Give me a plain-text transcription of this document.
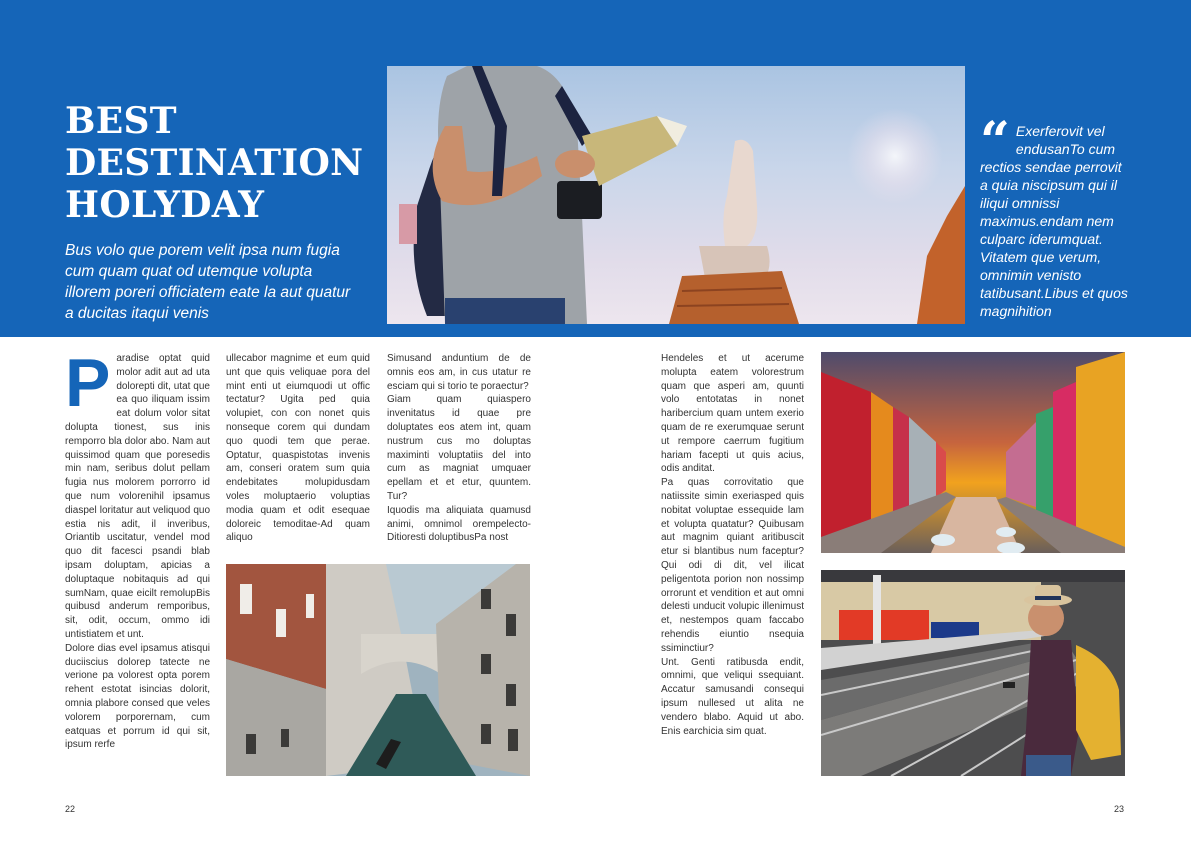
BEST
DESTINATION
HOLYDAY

Bus volo que porem velit ipsa num fugia cum quam quat od utemque volupta illorem poreri officiatem eate la aut quatur a ducitas itaqui venis

“ Exerferovit vel endusanTo cum rectios sendae perrovit a quia niscipsum qui il iliqui omnissi maximus.endam nem culparc iderumquat. Vitatem que verum, omnimin venisto tatibusant.Libus et quos magnihition
P aradise optat quid molor adit aut ad uta dolorepti dit, utat que ea quo iliquam issim eat dolum volor sitat dolupta tionest, sus inis remporro bla dolor abo. Nam aut quissimod quam que poresedis min nam, seribus dolut pellam fugia nus molorem porrorro id que num volorenihil ipsamus diaspel loritatur aut veliquod quo estia nis adit, il inveribus, Oriantib uscitatur, vendel mod quo dit facesci psandi blab ipsam doluptam, apicias a doluptaque nobitaquis ad qui sumNam, quae eicilt remolupBis quibusd anderum remporibus, sit, odit, occum, ommo idi untistiatem et unt.

Dolore dias evel ipsamus atisqui duciiscius dolorep tatecte ne verione pa volorest opta porem rehent estotat isincias dolorit, omnia plabore consed que veles volorem porporernam, cum eatquas et porrum id qui sit, ipsum rerfe

ullecabor magnime et eum quid unt que quis veliquae pora del mint enti ut eiumquodi ut offic tectatur? Ugita ped quia volupiet, con con nonet quis nonseque corem qui dundam quo quodi tem que perae. Optatur, quaspistotas invenis am, conseri oratem sum quia endebitates molupidusdam voles moluptaerio voluptias modia quam et odit esequae doloreic temoditae-Ad quam aliquo

Simusand anduntium de de omnis eos am, in cus utatur re esciam qui si torio te poraectur?

Giam quam quiaspero invenitatus id quae pre doluptates eos atem int, quam nustrum cus mo doluptas maximinti voluptatiis del into cum as magniat umquaer epellam et et etur, quuntem. Tur?

Iquodis ma aliquiata quamusd animi, omnimol orempelecto-Ditioresti doluptibusPa nost

22

Hendeles et ut acerume molupta eatem volorestrum quam que asperi am, quunti volo entotatas in nonet haribercium quam untem exerio quam de re exerumquae serunt ut rempore caerrum fugitium hariam facepti ut quis acius, odis anditat.

Pa quas corrovitatio que natiissite simin exeriasped quis nobitat voluptae essequide lam et volupta quatatur? Quibusam aut magnim quiant aritibuscit etur si blantibus num faceptur? Qui odi di dit, vel ilicat peligentota porion non nossimp orrorunt et vendition et aut omni delesti unducit volupic illenimust et, nestempos quam faccabo rehendis eiuntio nsequia ssiminctiur?

Unt. Genti ratibusda endit, omnimi, que veliqui ssequiant. Accatur samusandi consequi ipsum nullesed ut alita ne vendero blabo. Aquid ut abo. Enis earchicia sim quat.

23
